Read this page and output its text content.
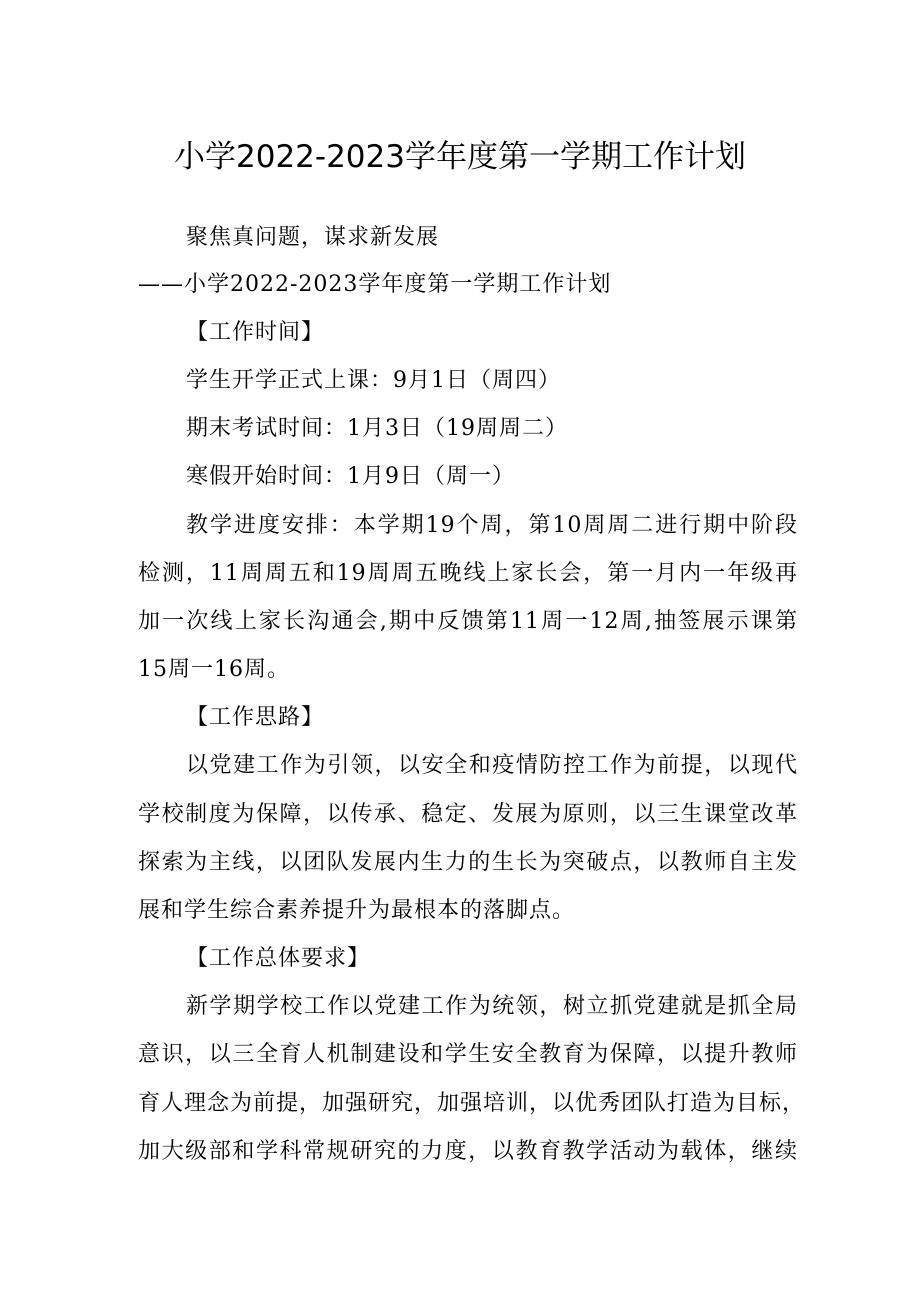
小学2022-2023学年度第一学期工作计划
聚焦真问题，谋求新发展
——小学2022-2023学年度第一学期工作计划
【工作时间】
学生开学正式上课：9月1日（周四）
期末考试时间：1月3日（19周周二）
寒假开始时间：1月9日（周一）
教学进度安排：本学期19个周，第10周周二进行期中阶段
检测，11周周五和19周周五晚线上家长会，第一月内一年级再
加一次线上家长沟通会,期中反馈第11周一12周,抽签展示课第
15周一16周。
【工作思路】
以党建工作为引领，以安全和疫情防控工作为前提，以现代
学校制度为保障，以传承、稳定、发展为原则，以三生课堂改革
探索为主线，以团队发展内生力的生长为突破点，以教师自主发
展和学生综合素养提升为最根本的落脚点。
【工作总体要求】
新学期学校工作以党建工作为统领，树立抓党建就是抓全局
意识，以三全育人机制建设和学生安全教育为保障，以提升教师
育人理念为前提，加强研究，加强培训，以优秀团队打造为目标，
加大级部和学科常规研究的力度，以教育教学活动为载体，继续
